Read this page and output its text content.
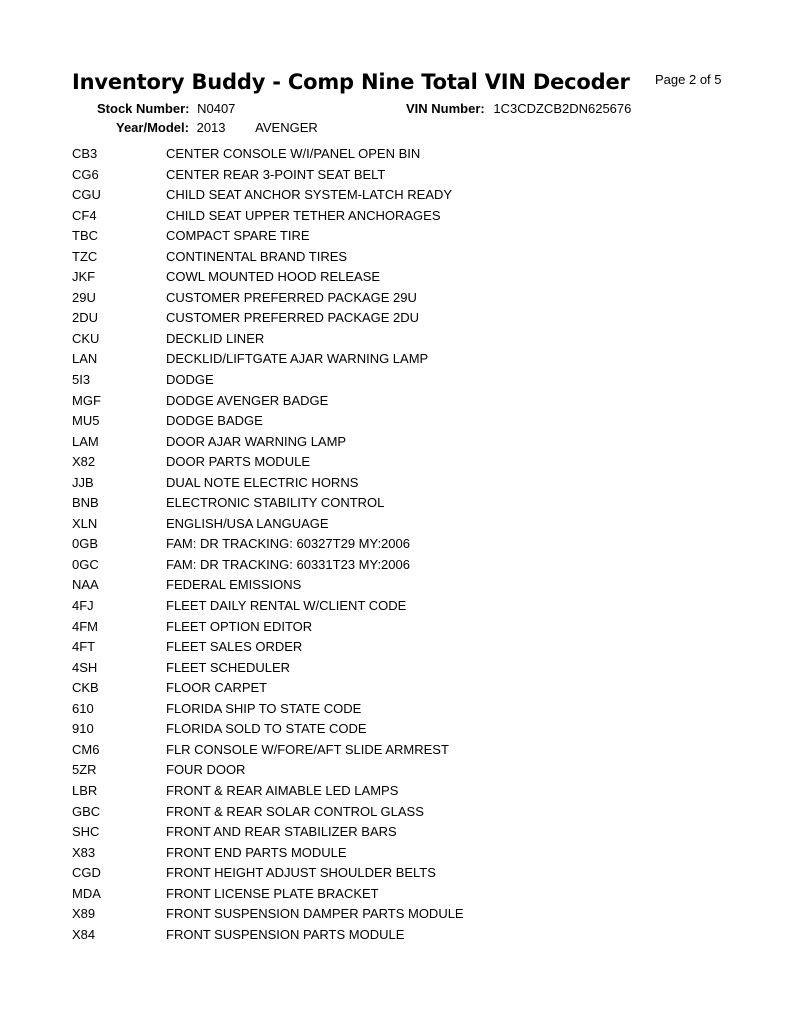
Inventory Buddy - Comp Nine Total VIN Decoder Page 2 of 5
Stock Number: N0407	VIN Number: 1C3CDZCB2DN625676
Year/Model: 2013 AVENGER
CB3	CENTER CONSOLE W/I/PANEL OPEN BIN
CG6	CENTER REAR 3-POINT SEAT BELT
CGU	CHILD SEAT ANCHOR SYSTEM-LATCH READY
CF4	CHILD SEAT UPPER TETHER ANCHORAGES
TBC	COMPACT SPARE TIRE
TZC	CONTINENTAL BRAND TIRES
JKF	COWL MOUNTED HOOD RELEASE
29U	CUSTOMER PREFERRED PACKAGE 29U
2DU	CUSTOMER PREFERRED PACKAGE 2DU
CKU	DECKLID LINER
LAN	DECKLID/LIFTGATE AJAR WARNING LAMP
5I3	DODGE
MGF	DODGE AVENGER BADGE
MU5	DODGE BADGE
LAM	DOOR AJAR WARNING LAMP
X82	DOOR PARTS MODULE
JJB	DUAL NOTE ELECTRIC HORNS
BNB	ELECTRONIC STABILITY CONTROL
XLN	ENGLISH/USA LANGUAGE
0GB	FAM: DR TRACKING: 60327T29 MY:2006
0GC	FAM: DR TRACKING: 60331T23 MY:2006
NAA	FEDERAL EMISSIONS
4FJ	FLEET DAILY RENTAL W/CLIENT CODE
4FM	FLEET OPTION EDITOR
4FT	FLEET SALES ORDER
4SH	FLEET SCHEDULER
CKB	FLOOR CARPET
610	FLORIDA SHIP TO STATE CODE
910	FLORIDA SOLD TO STATE CODE
CM6	FLR CONSOLE W/FORE/AFT SLIDE ARMREST
5ZR	FOUR DOOR
LBR	FRONT & REAR AIMABLE LED LAMPS
GBC	FRONT & REAR SOLAR CONTROL GLASS
SHC	FRONT AND REAR STABILIZER BARS
X83	FRONT END PARTS MODULE
CGD	FRONT HEIGHT ADJUST SHOULDER BELTS
MDA	FRONT LICENSE PLATE BRACKET
X89	FRONT SUSPENSION DAMPER PARTS MODULE
X84	FRONT SUSPENSION PARTS MODULE
